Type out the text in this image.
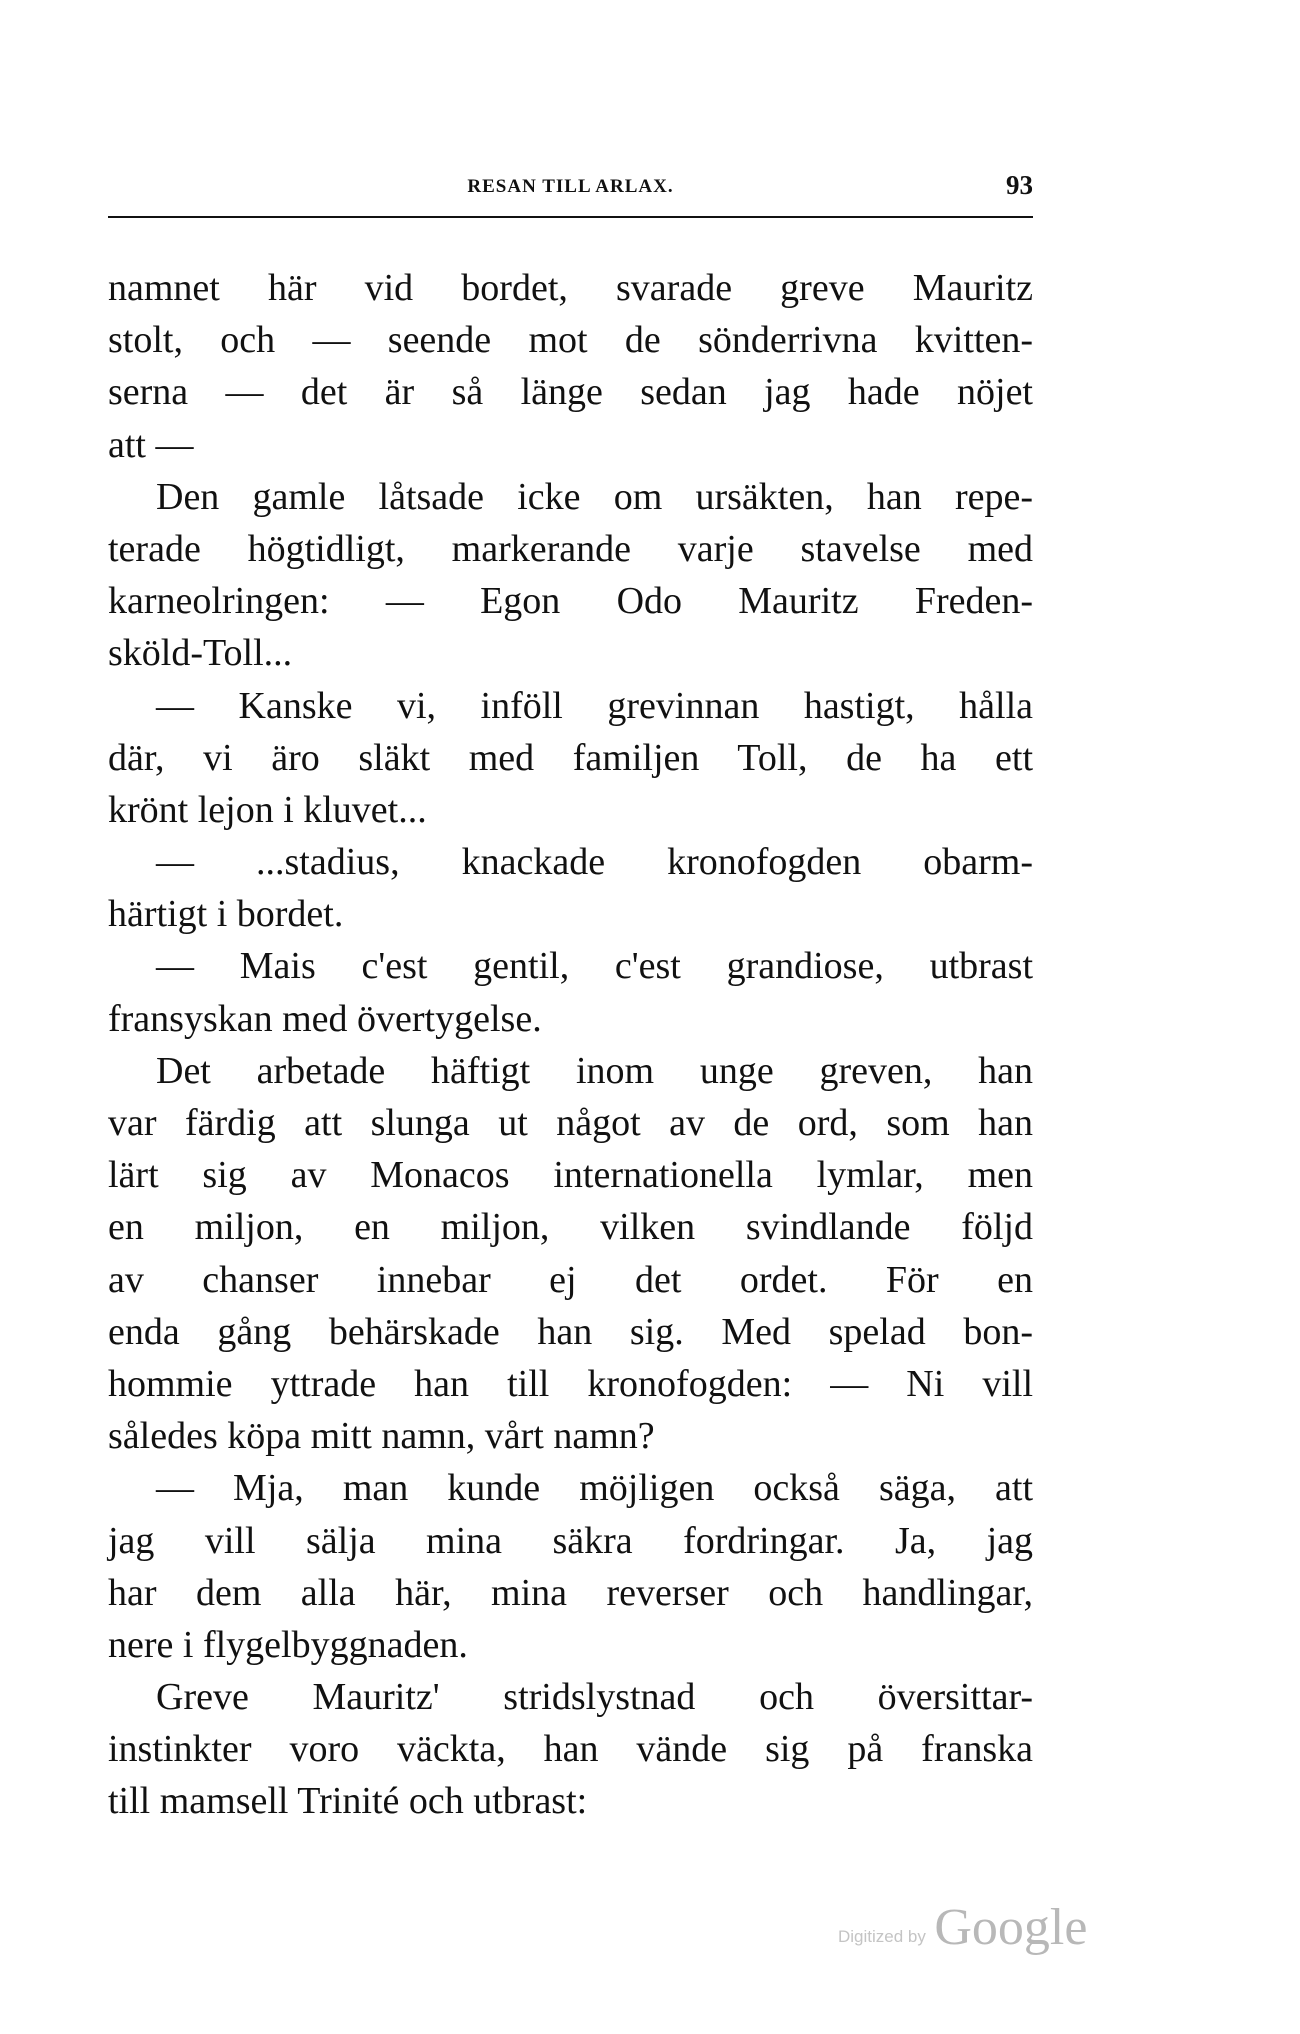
RESAN TILL ARLAX.	93
namnet här vid bordet, svarade greve Mauritz
stolt, och — seende mot de sönderrivna kvitten-
serna — det är så länge sedan jag hade nöjet
att —
Den gamle låtsade icke om ursäkten, han repe-
terade högtidligt, markerande varje stavelse med
karneolringen: — Egon Odo Mauritz Freden-
sköld-Toll...
— Kanske vi, inföll grevinnan hastigt, hålla
där, vi äro släkt med familjen Toll, de ha ett
krönt lejon i kluvet...
— ...stadius, knackade kronofogden obarm-
härtigt i bordet.
— Mais c'est gentil, c'est grandiose, utbrast
fransyskan med övertygelse.
Det arbetade häftigt inom unge greven, han
var färdig att slunga ut något av de ord, som han
lärt sig av Monacos internationella lymlar, men
en miljon, en miljon, vilken svindlande följd
av chanser innebar ej det ordet. För en
enda gång behärskade han sig. Med spelad bon-
hommie yttrade han till kronofogden: — Ni vill
således köpa mitt namn, vårt namn?
— Mja, man kunde möjligen också säga, att
jag vill sälja mina säkra fordringar. Ja, jag
har dem alla här, mina reverser och handlingar,
nere i flygelbyggnaden.
Greve Mauritz' stridslystnad och översittar-
instinkter voro väckta, han vände sig på franska
till mamsell Trinité och utbrast:
Digitized by Google
